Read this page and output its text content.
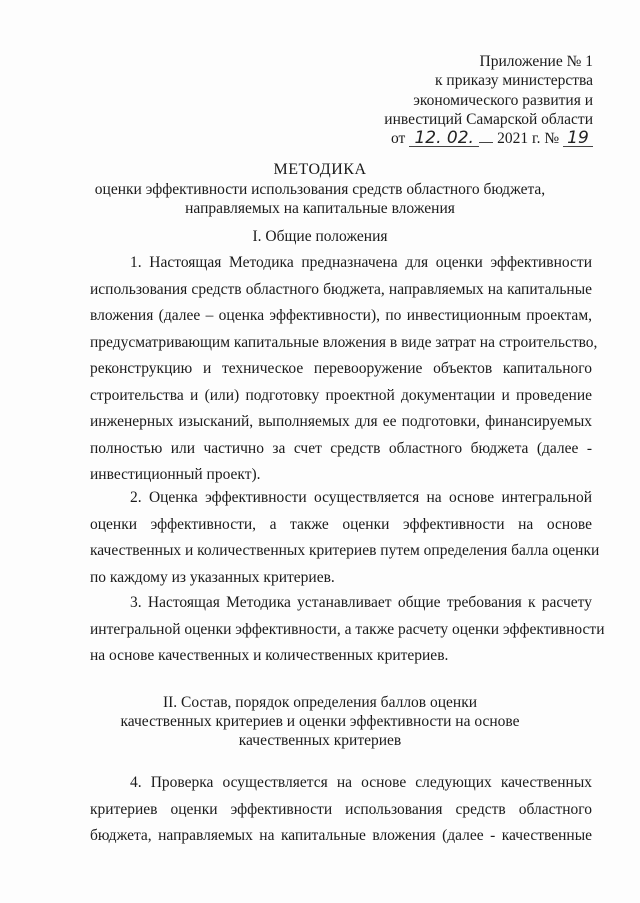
Приложение № 1
к приказу министерства
экономического развития и
инвестиций Самарской области
от 12. 02. 2021 г. № 19
МЕТОДИКА
оценки эффективности использования средств областного бюджета,
направляемых на капитальные вложения
I. Общие положения
1. Настоящая Методика предназначена для оценки эффективности
использования средств областного бюджета, направляемых на капитальные
вложения (далее – оценка эффективности), по инвестиционным проектам,
предусматривающим капитальные вложения в виде затрат на строительство,
реконструкцию и техническое перевооружение объектов капитального
строительства и (или) подготовку проектной документации и проведение
инженерных изысканий, выполняемых для ее подготовки, финансируемых
полностью или частично за счет средств областного бюджета (далее -
инвестиционный проект).
2. Оценка эффективности осуществляется на основе интегральной
оценки эффективности, а также оценки эффективности на основе
качественных и количественных критериев путем определения балла оценки
по каждому из указанных критериев.
3. Настоящая Методика устанавливает общие требования к расчету
интегральной оценки эффективности, а также расчету оценки эффективности
на основе качественных и количественных критериев.
II. Состав, порядок определения баллов оценки
качественных критериев и оценки эффективности на основе
качественных критериев
4. Проверка осуществляется на основе следующих качественных
критериев оценки эффективности использования средств областного
бюджета, направляемых на капитальные вложения (далее - качественные
